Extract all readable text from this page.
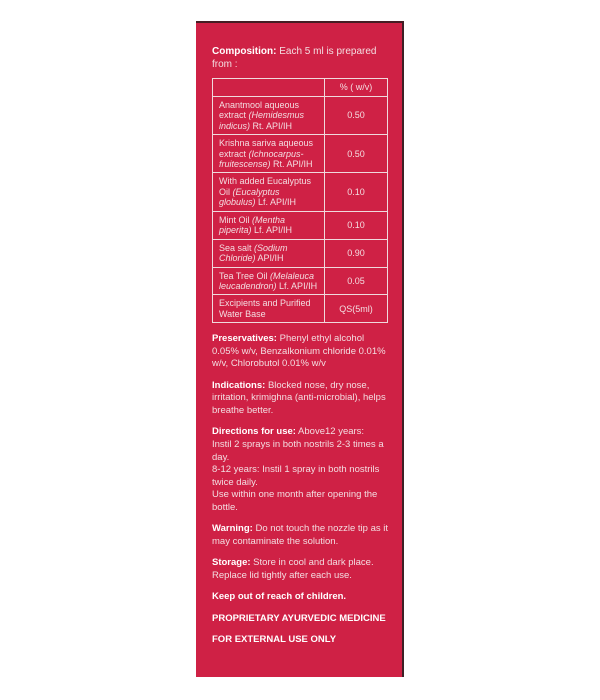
Composition: Each 5 ml is prepared from :

	% ( w/v)
Anantmool aqueous extract (Hemidesmus indicus) Rt. API/IH	0.50
Krishna sariva aqueous extract (Ichnocarpus-fruitescense) Rt. API/IH	0.50
With added Eucalyptus Oil (Eucalyptus globulus) Lf. API/IH	0.10
Mint Oil (Mentha piperita) Lf. API/IH	0.10
Sea salt (Sodium Chloride) API/IH	0.90
Tea Tree Oil (Melaleuca leucadendron) Lf. API/IH	0.05
Excipients and Purified Water Base	QS(5ml)

Preservatives: Phenyl ethyl alcohol 0.05% w/v, Benzalkonium chloride 0.01% w/v, Chlorobutol 0.01% w/v

Indications: Blocked nose, dry nose, irritation, krimighna (anti-microbial), helps breathe better.

Directions for use: Above12 years:
Instil 2 sprays in both nostrils 2-3 times a day.
8-12 years: Instil 1 spray in both nostrils twice daily.
Use within one month after opening the bottle.

Warning: Do not touch the nozzle tip as it may contaminate the solution.

Storage: Store in cool and dark place.
Replace lid tightly after each use.

Keep out of reach of children.

PROPRIETARY AYURVEDIC MEDICINE

FOR EXTERNAL USE ONLY
